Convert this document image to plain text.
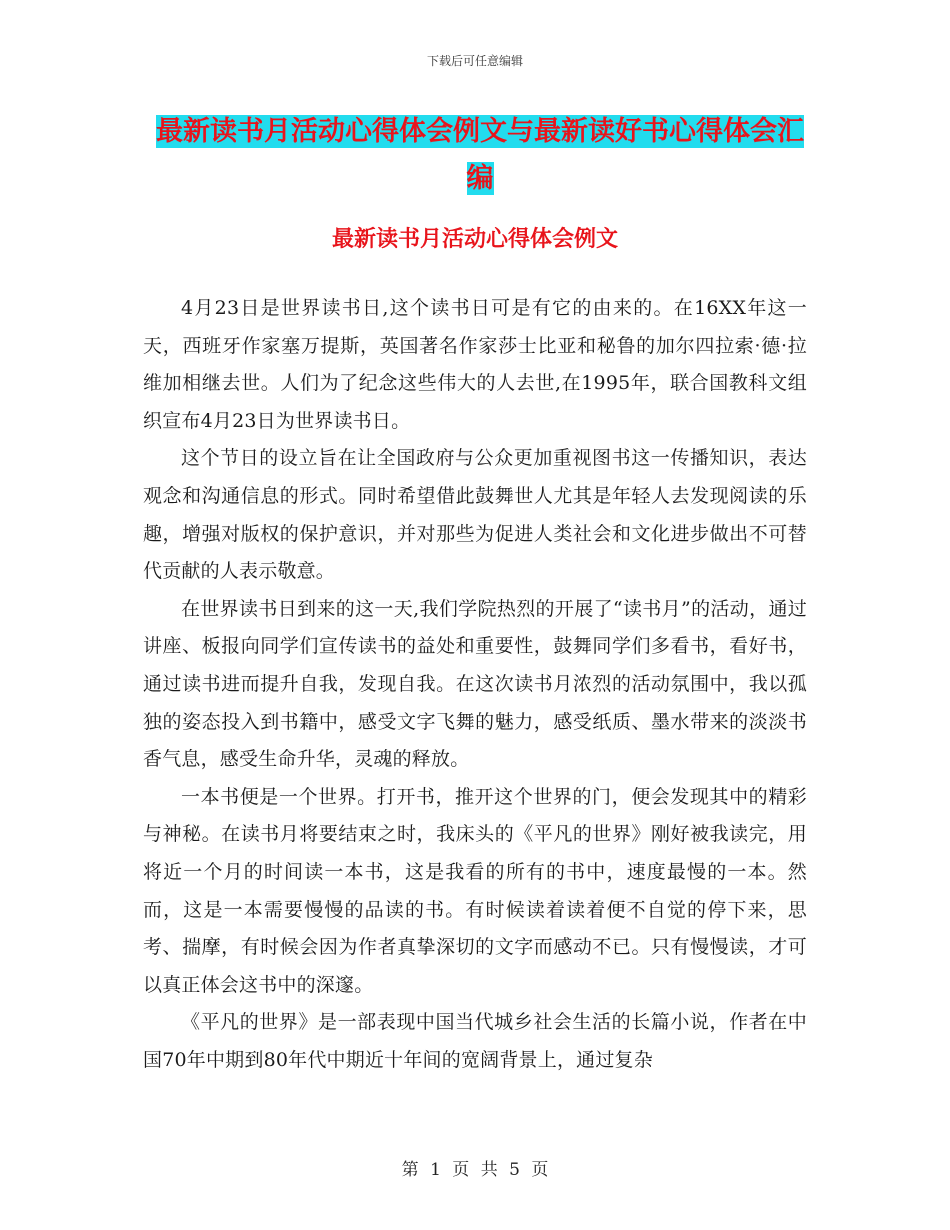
下载后可任意编辑
最新读书月活动心得体会例文与最新读好书心得体会汇编
最新读书月活动心得体会例文

4月23日是世界读书日,这个读书日可是有它的由来的。在16XX年这一天，西班牙作家塞万提斯，英国著名作家莎士比亚和秘鲁的加尔四拉索·德·拉维加相继去世。人们为了纪念这些伟大的人去世,在1995年，联合国教科文组织宣布4月23日为世界读书日。

这个节日的设立旨在让全国政府与公众更加重视图书这一传播知识，表达观念和沟通信息的形式。同时希望借此鼓舞世人尤其是年轻人去发现阅读的乐趣，增强对版权的保护意识，并对那些为促进人类社会和文化进步做出不可替代贡献的人表示敬意。

在世界读书日到来的这一天,我们学院热烈的开展了“读书月”的活动，通过讲座、板报向同学们宣传读书的益处和重要性，鼓舞同学们多看书，看好书，通过读书进而提升自我，发现自我。在这次读书月浓烈的活动氛围中，我以孤独的姿态投入到书籍中，感受文字飞舞的魅力，感受纸质、墨水带来的淡淡书香气息，感受生命升华，灵魂的释放。

一本书便是一个世界。打开书，推开这个世界的门，便会发现其中的精彩与神秘。在读书月将要结束之时，我床头的《平凡的世界》刚好被我读完，用将近一个月的时间读一本书，这是我看的所有的书中，速度最慢的一本。然而，这是一本需要慢慢的品读的书。有时候读着读着便不自觉的停下来，思考、揣摩，有时候会因为作者真挚深切的文字而感动不已。只有慢慢读，才可以真正体会这书中的深邃。

《平凡的世界》是一部表现中国当代城乡社会生活的长篇小说，作者在中国70年中期到80年代中期近十年间的宽阔背景上，通过复杂

第 1 页 共 5 页
